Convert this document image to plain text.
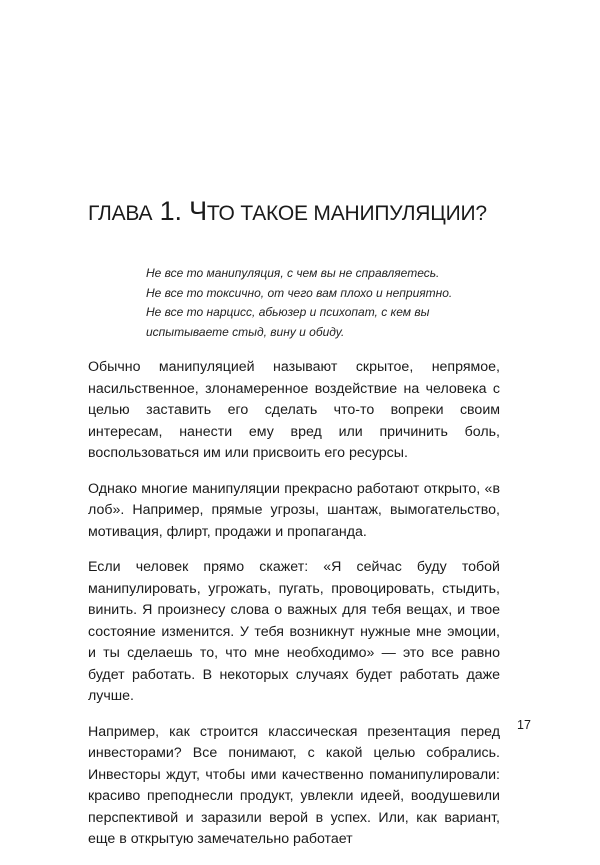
ГЛАВА 1. ЧТО ТАКОЕ МАНИПУЛЯЦИИ?
Не все то манипуляция, с чем вы не справляетесь.
Не все то токсично, от чего вам плохо и неприятно.
Не все то нарцисс, абьюзер и психопат, с кем вы испытываете стыд, вину и обиду.

Обычно манипуляцией называют скрытое, непрямое, насильственное, злонамеренное воздействие на человека с целью заставить его сделать что-то вопреки своим интересам, нанести ему вред или причинить боль, воспользоваться им или присвоить его ресурсы.

Однако многие манипуляции прекрасно работают открыто, «в лоб». Например, прямые угрозы, шантаж, вымогательство, мотивация, флирт, продажи и пропаганда.

Если человек прямо скажет: «Я сейчас буду тобой манипулировать, угрожать, пугать, провоцировать, стыдить, винить. Я произнесу слова о важных для тебя вещах, и твое состояние изменится. У тебя возникнут нужные мне эмоции, и ты сделаешь то, что мне необходимо» — это все равно будет работать. В некоторых случаях будет работать даже лучше.

Например, как строится классическая презентация перед инвесторами? Все понимают, с какой целью собрались. Инвесторы ждут, чтобы ими качественно поманипулировали: красиво преподнесли продукт, увлекли идеей, воодушевили перспективой и заразили верой в успех. Или, как вариант, еще в открытую замечательно работает

17
